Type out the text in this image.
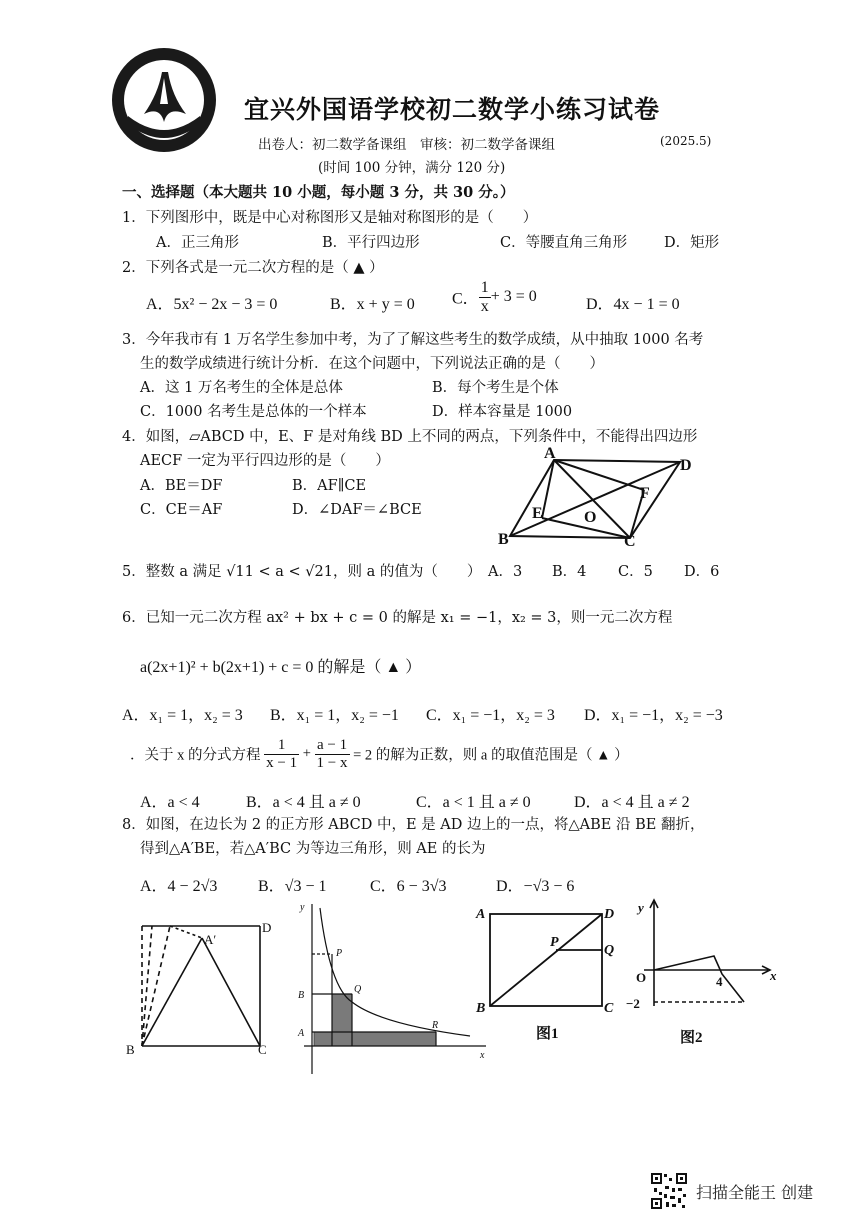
宜兴外国语学校初二数学小练习试卷
出卷人：初二数学备课组　审核：初二数学备课组	(2025.5)
(时间 100 分钟，满分 120 分)
一、选择题（本大题共 10 小题，每小题 3 分，共 30 分。）
1．下列图形中，既是中心对称图形又是轴对称图形的是（　　）
A．正三角形	B．平行四边形	C．等腰直角三角形	D．矩形
2．下列各式是一元二次方程的是（ ▲ ）
A．5x² − 2x − 3 = 0	B．x + y = 0 C． $\frac{1}{x} + 3 = 0$	D．4x − 1 = 0
3．今年我市有 1 万名学生参加中考，为了了解这些考生的数学成绩，从中抽取 1000 名考
生的数学成绩进行统计分析．在这个问题中，下列说法正确的是（　　）
A．这 1 万名考生的全体是总体	B．每个考生是个体
C．1000 名考生是总体的一个样本	D．样本容量是 1000
4．如图，▱ABCD 中，E、F 是对角线 BD 上不同的两点，下列条件中，不能得出四边形
AECF 一定为平行四边形的是（　　）
A．BE＝DF	B．AF∥CE
C．CE＝AF	D．∠DAF＝∠BCE
A
D
B	C
E
F
O
5．整数 a 满足 √11 < a < √21，则 a 的值为（　　） A．3 B．4 C．5 D．6
6．已知一元二次方程 ax² + bx + c = 0 的解是 x₁ = −1，x₂ = 3，则一元二次方程
a(2x+1)² + b(2x+1) + c = 0 的解是（ ▲ ）
A．x₁ = 1，x₂ = 3 B．x₁ = 1，x₂ = −1 C．x₁ = −1，x₂ = 3 D．x₁ = −1，x₂ = −3
．关于 x 的分式方程 $\frac{1}{x - 1} + \frac{a - 1}{1 - x} = 2$ 的解为正数，则 a 的取值范围是（ ▲ ）
A．a < 4	B．a < 4 且 a ≠ 0	C．a < 1 且 a ≠ 0	D．a < 4 且 a ≠ 2
8．如图，在边长为 2 的正方形 ABCD 中，E 是 AD 边上的一点，将△ABE 沿 BE 翻折，
得到△A′BE，若△A′BC 为等边三角形，则 AE 的长为
A．4 − 2√3	B．√3 − 1	C．6 − 3√3	D．−√3 − 6
A′
D
B	C
y
x
P
Q
R
B
A
A	D
B	C
P
Q
图1
y
x
O	4
−2
图2
扫描全能王 创建
